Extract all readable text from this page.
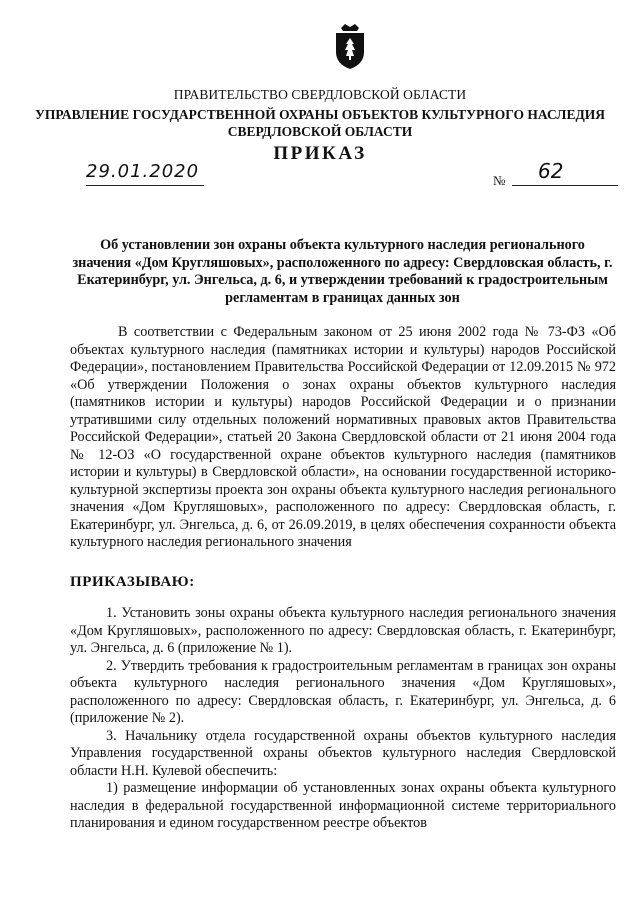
ПРАВИТЕЛЬСТВО СВЕРДЛОВСКОЙ ОБЛАСТИ
УПРАВЛЕНИЕ ГОСУДАРСТВЕННОЙ ОХРАНЫ ОБЪЕКТОВ КУЛЬТУРНОГО НАСЛЕДИЯ
СВЕРДЛОВСКОЙ ОБЛАСТИ
ПРИКАЗ
29.01.2020	№ 62
Об установлении зон охраны объекта культурного наследия регионального значения «Дом Кругляшовых», расположенного по адресу: Свердловская область, г. Екатеринбург, ул. Энгельса, д. 6, и утверждении требований к градостроительным регламентам в границах данных зон

В соответствии с Федеральным законом от 25 июня 2002 года № 73-ФЗ «Об объектах культурного наследия (памятниках истории и культуры) народов Российской Федерации», постановлением Правительства Российской Федерации от 12.09.2015 № 972 «Об утверждении Положения о зонах охраны объектов культурного наследия (памятников истории и культуры) народов Российской Федерации и о признании утратившими силу отдельных положений нормативных правовых актов Правительства Российской Федерации», статьей 20 Закона Свердловской области от 21 июня 2004 года № 12-ОЗ «О государственной охране объектов культурного наследия (памятников истории и культуры) в Свердловской области», на основании государственной историко-культурной экспертизы проекта зон охраны объекта культурного наследия регионального значения «Дом Кругляшовых», расположенного по адресу: Свердловская область, г. Екатеринбург, ул. Энгельса, д. 6, от 26.09.2019, в целях обеспечения сохранности объекта культурного наследия регионального значения

ПРИКАЗЫВАЮ:

1. Установить зоны охраны объекта культурного наследия регионального значения «Дом Кругляшовых», расположенного по адресу: Свердловская область, г. Екатеринбург, ул. Энгельса, д. 6 (приложение № 1).

2. Утвердить требования к градостроительным регламентам в границах зон охраны объекта культурного наследия регионального значения «Дом Кругляшовых», расположенного по адресу: Свердловская область, г. Екатеринбург, ул. Энгельса, д. 6 (приложение № 2).

3. Начальнику отдела государственной охраны объектов культурного наследия Управления государственной охраны объектов культурного наследия Свердловской области Н.Н. Кулевой обеспечить:

1) размещение информации об установленных зонах охраны объекта культурного наследия в федеральной государственной информационной системе территориального планирования и едином государственном реестре объектов
